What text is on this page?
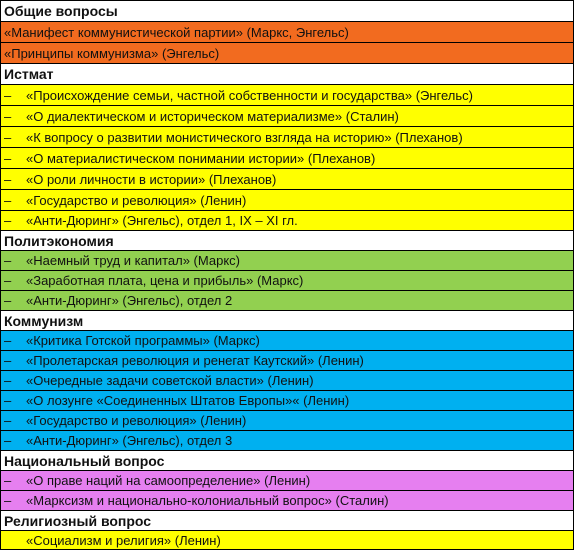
Общие вопросы
«Манифест коммунистической партии» (Маркс, Энгельс)
«Принципы коммунизма» (Энгельс)
Истмат
–	«Происхождение семьи, частной собственности и государства» (Энгельс)
–	«О диалектическом и историческом материализме» (Сталин)
–	«К вопросу о развитии монистического взгляда на историю» (Плеханов)
–	«О материалистическом понимании истории» (Плеханов)
–	«О роли личности в истории» (Плеханов)
–	«Государство и революция» (Ленин)
–	«Анти-Дюринг» (Энгельс), отдел 1, IX – XI гл.
Политэкономия
–	«Наемный труд и капитал» (Маркс)
–	«Заработная плата, цена и прибыль» (Маркс)
–	«Анти-Дюринг» (Энгельс), отдел 2
Коммунизм
–	«Критика Готской программы» (Маркс)
–	«Пролетарская революция и ренегат Каутский» (Ленин)
–	«Очередные задачи советской власти» (Ленин)
–	«О лозунге «Соединенных Штатов Европы»« (Ленин)
–	«Государство и революция» (Ленин)
–	«Анти-Дюринг» (Энгельс), отдел 3
Национальный вопрос
–	«О праве наций на самоопределение» (Ленин)
–	«Марксизм и национально-колониальный вопрос» (Сталин)
Религиозный вопрос
«Социализм и религия» (Ленин)
